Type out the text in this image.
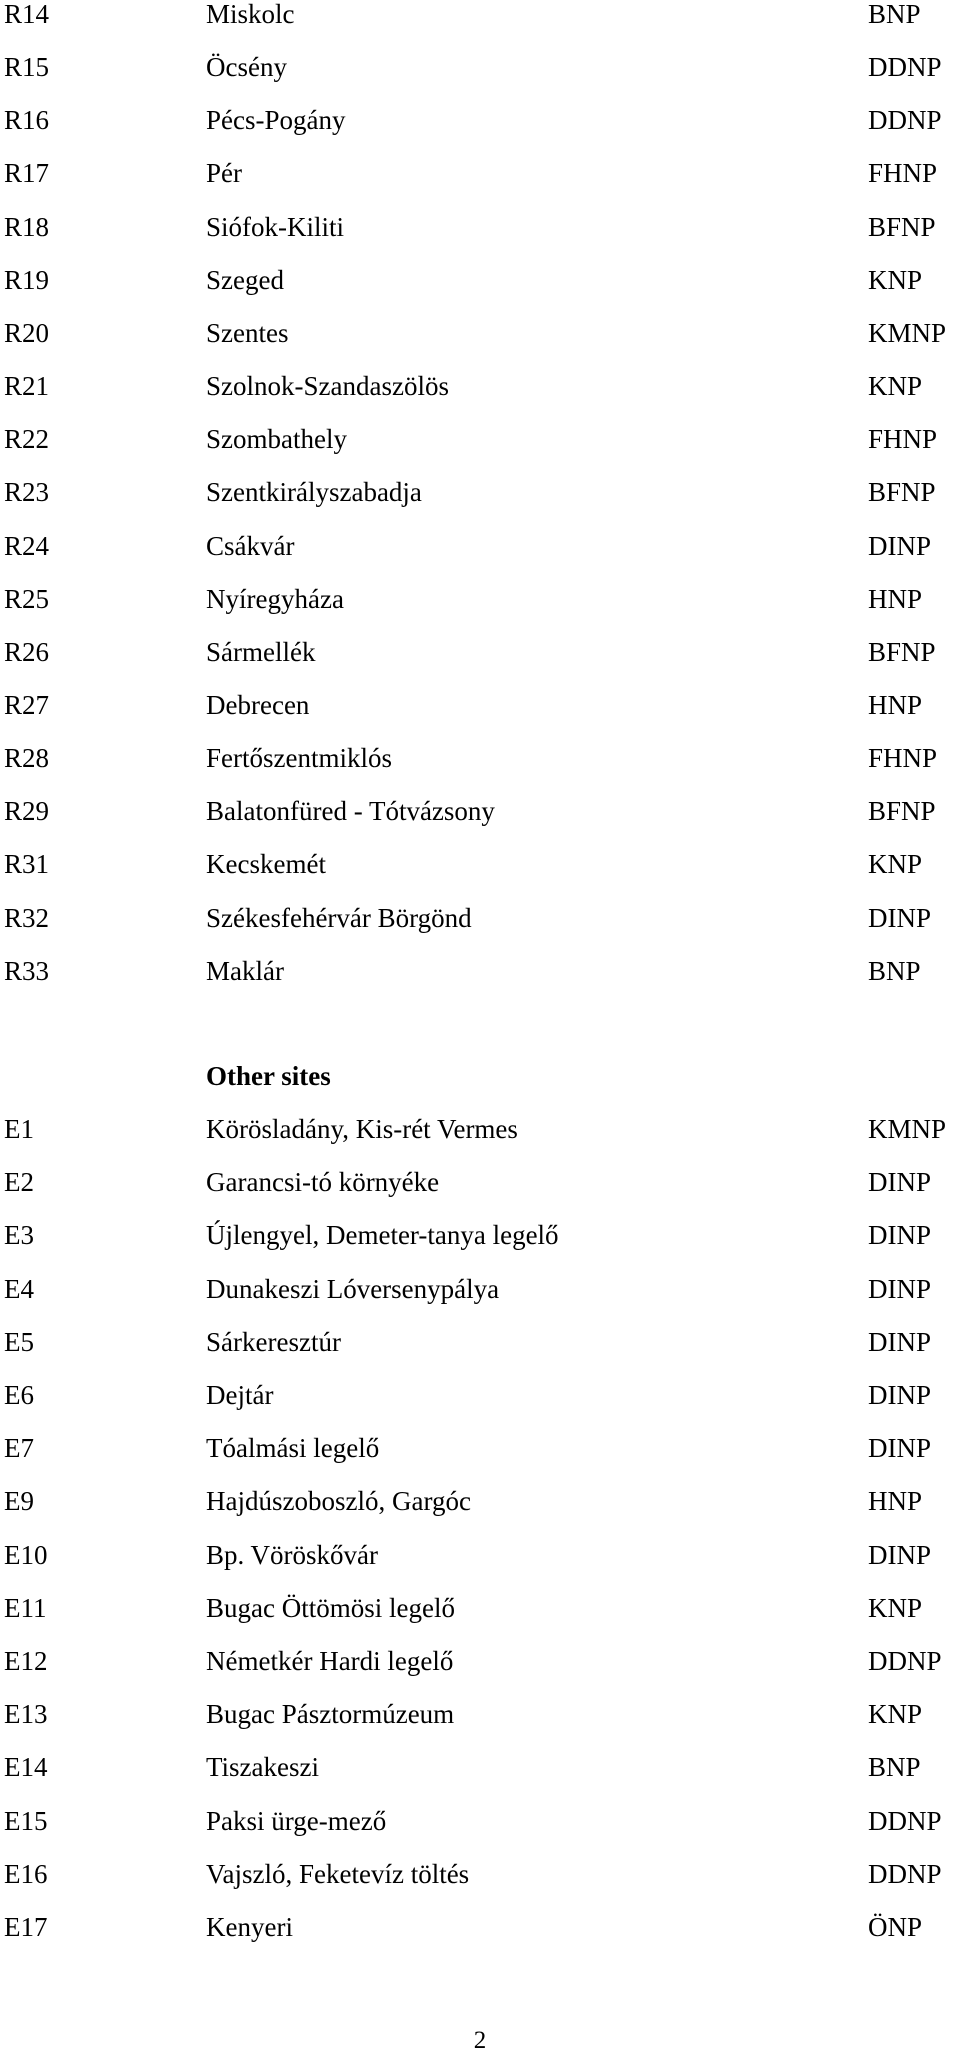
R14	Miskolc	BNP
R15	Öcsény	DDNP
R16	Pécs-Pogány	DDNP
R17	Pér	FHNP
R18	Siófok-Kiliti	BFNP
R19	Szeged	KNP
R20	Szentes	KMNP
R21	Szolnok-Szandaszölös	KNP
R22	Szombathely	FHNP
R23	Szentkirályszabadja	BFNP
R24	Csákvár	DINP
R25	Nyíregyháza	HNP
R26	Sármellék	BFNP
R27	Debrecen	HNP
R28	Fertőszentmiklós	FHNP
R29	Balatonfüred - Tótvázsony	BFNP
R31	Kecskemét	KNP
R32	Székesfehérvár Börgönd	DINP
R33	Maklár	BNP
Other sites
E1	Körösladány, Kis-rét Vermes	KMNP
E2	Garancsi-tó környéke	DINP
E3	Újlengyel, Demeter-tanya legelő	DINP
E4	Dunakeszi Lóversenypálya	DINP
E5	Sárkeresztúr	DINP
E6	Dejtár	DINP
E7	Tóalmási legelő	DINP
E9	Hajdúszoboszló, Gargóc	HNP
E10	Bp. Vöröskővár	DINP
E11	Bugac Öttömösi legelő	KNP
E12	Németkér Hardi legelő	DDNP
E13	Bugac Pásztormúzeum	KNP
E14	Tiszakeszi	BNP
E15	Paksi ürge-mező	DDNP
E16	Vajszló, Feketevíz töltés	DDNP
E17	Kenyeri	ÖNP
2
